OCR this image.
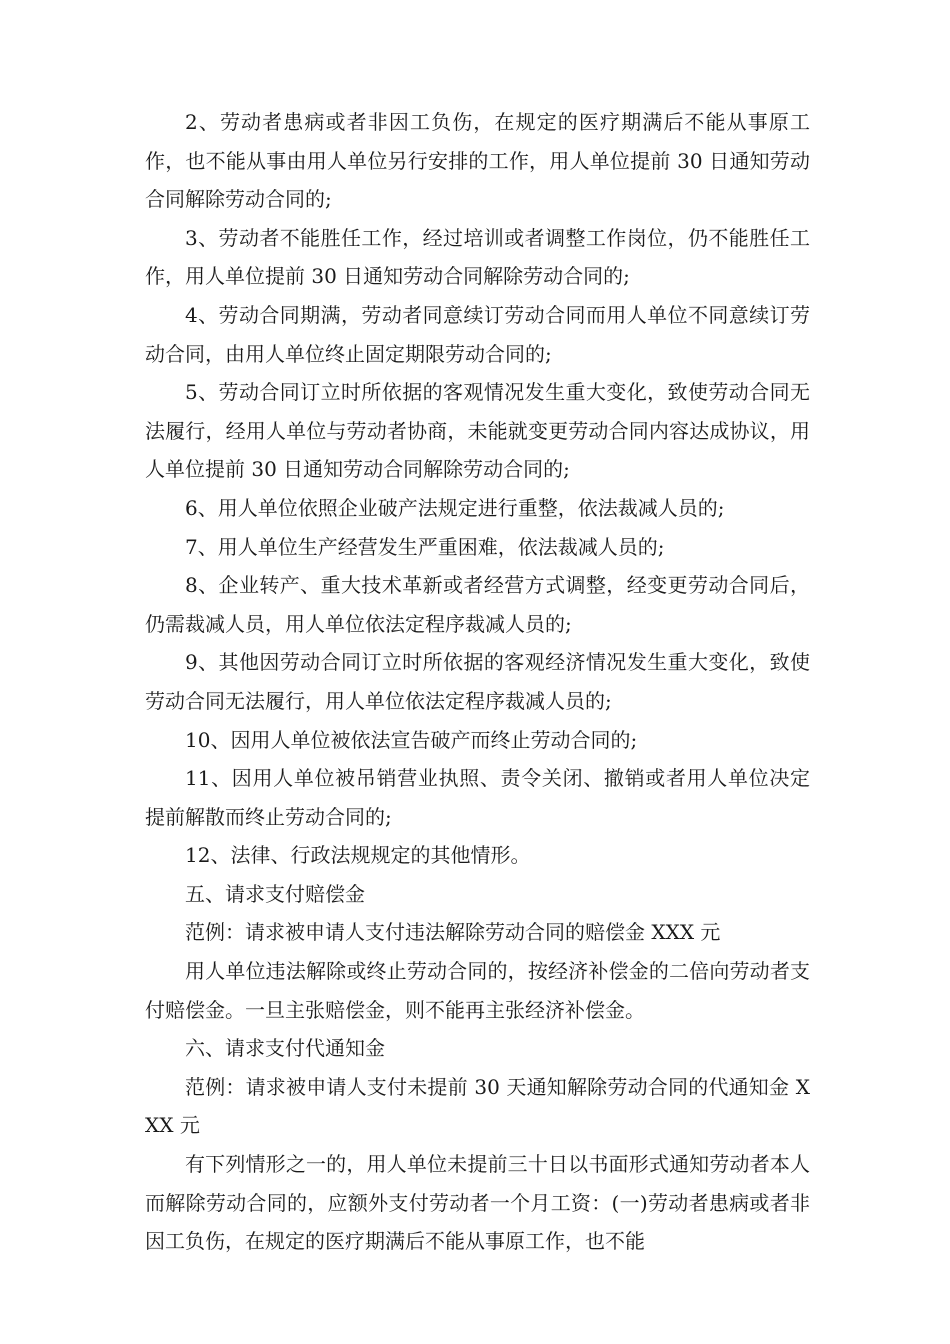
2、劳动者患病或者非因工负伤，在规定的医疗期满后不能从事原工作，也不能从事由用人单位另行安排的工作，用人单位提前 30 日通知劳动合同解除劳动合同的;

3、劳动者不能胜任工作，经过培训或者调整工作岗位，仍不能胜任工作，用人单位提前 30 日通知劳动合同解除劳动合同的;

4、劳动合同期满，劳动者同意续订劳动合同而用人单位不同意续订劳动合同，由用人单位终止固定期限劳动合同的;

5、劳动合同订立时所依据的客观情况发生重大变化，致使劳动合同无法履行，经用人单位与劳动者协商，未能就变更劳动合同内容达成协议，用人单位提前 30 日通知劳动合同解除劳动合同的;

6、用人单位依照企业破产法规定进行重整，依法裁减人员的;

7、用人单位生产经营发生严重困难，依法裁减人员的;

8、企业转产、重大技术革新或者经营方式调整，经变更劳动合同后，仍需裁减人员，用人单位依法定程序裁减人员的;

9、其他因劳动合同订立时所依据的客观经济情况发生重大变化，致使劳动合同无法履行，用人单位依法定程序裁减人员的;

10、因用人单位被依法宣告破产而终止劳动合同的;

11、因用人单位被吊销营业执照、责令关闭、撤销或者用人单位决定提前解散而终止劳动合同的;

12、法律、行政法规规定的其他情形。

五、请求支付赔偿金

范例：请求被申请人支付违法解除劳动合同的赔偿金 XXX 元

用人单位违法解除或终止劳动合同的，按经济补偿金的二倍向劳动者支付赔偿金。一旦主张赔偿金，则不能再主张经济补偿金。

六、请求支付代通知金

范例：请求被申请人支付未提前 30 天通知解除劳动合同的代通知金 XXX 元

有下列情形之一的，用人单位未提前三十日以书面形式通知劳动者本人而解除劳动合同的，应额外支付劳动者一个月工资：(一)劳动者患病或者非因工负伤，在规定的医疗期满后不能从事原工作，也不能
